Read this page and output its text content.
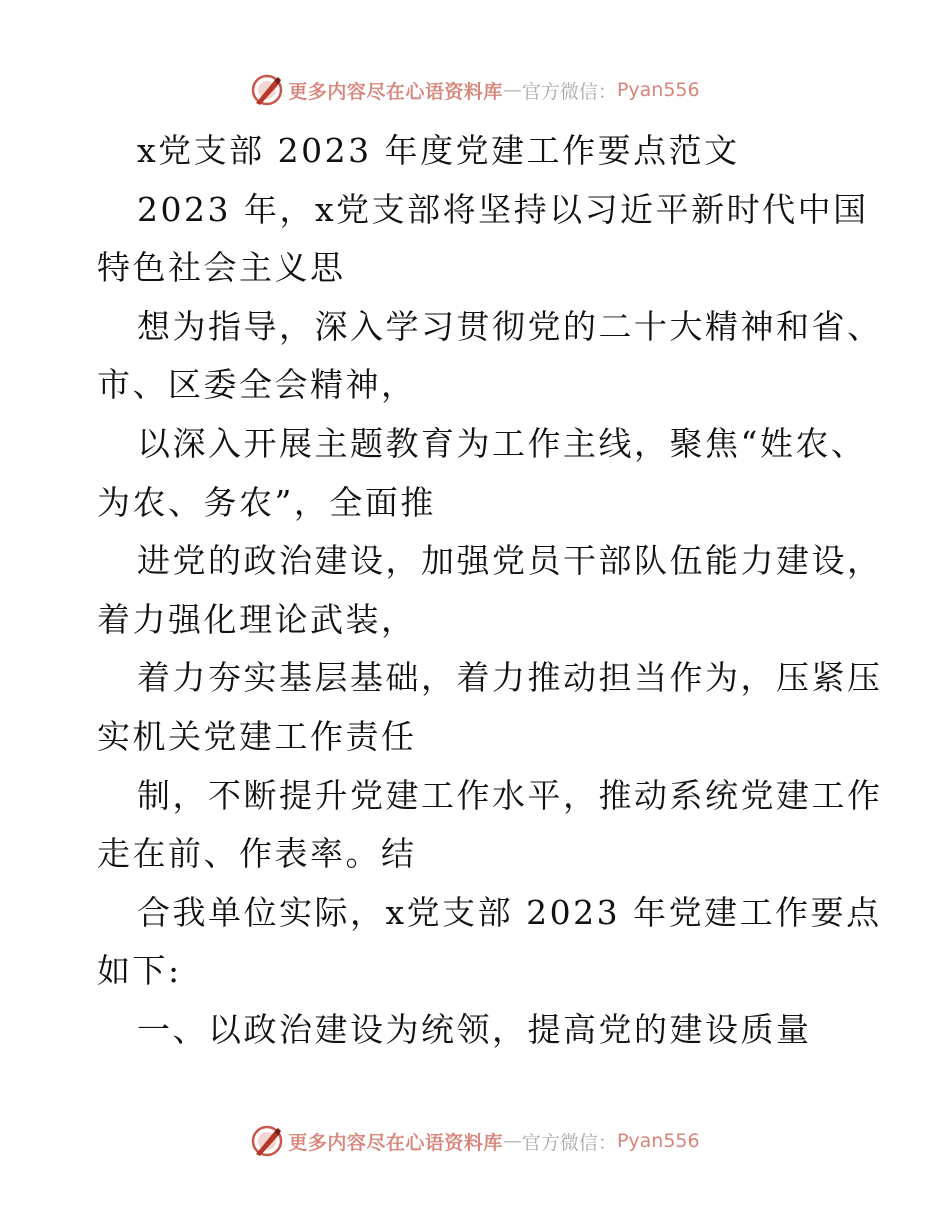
更多内容尽在心语资料库 — 官方微信： Pyan556
x党支部 2023 年度党建工作要点范文
2023 年，x党支部将坚持以习近平新时代中国
特色社会主义思
想为指导，深入学习贯彻党的二十大精神和省、
市、区委全会精神，
以深入开展主题教育为工作主线，聚焦“姓农、
为农、务农”，全面推
进党的政治建设，加强党员干部队伍能力建设，
着力强化理论武装，
着力夯实基层基础，着力推动担当作为，压紧压
实机关党建工作责任
制，不断提升党建工作水平，推动系统党建工作
走在前、作表率。结
合我单位实际，x党支部 2023 年党建工作要点
如下:
一、以政治建设为统领，提高党的建设质量
更多内容尽在心语资料库 — 官方微信： Pyan556
